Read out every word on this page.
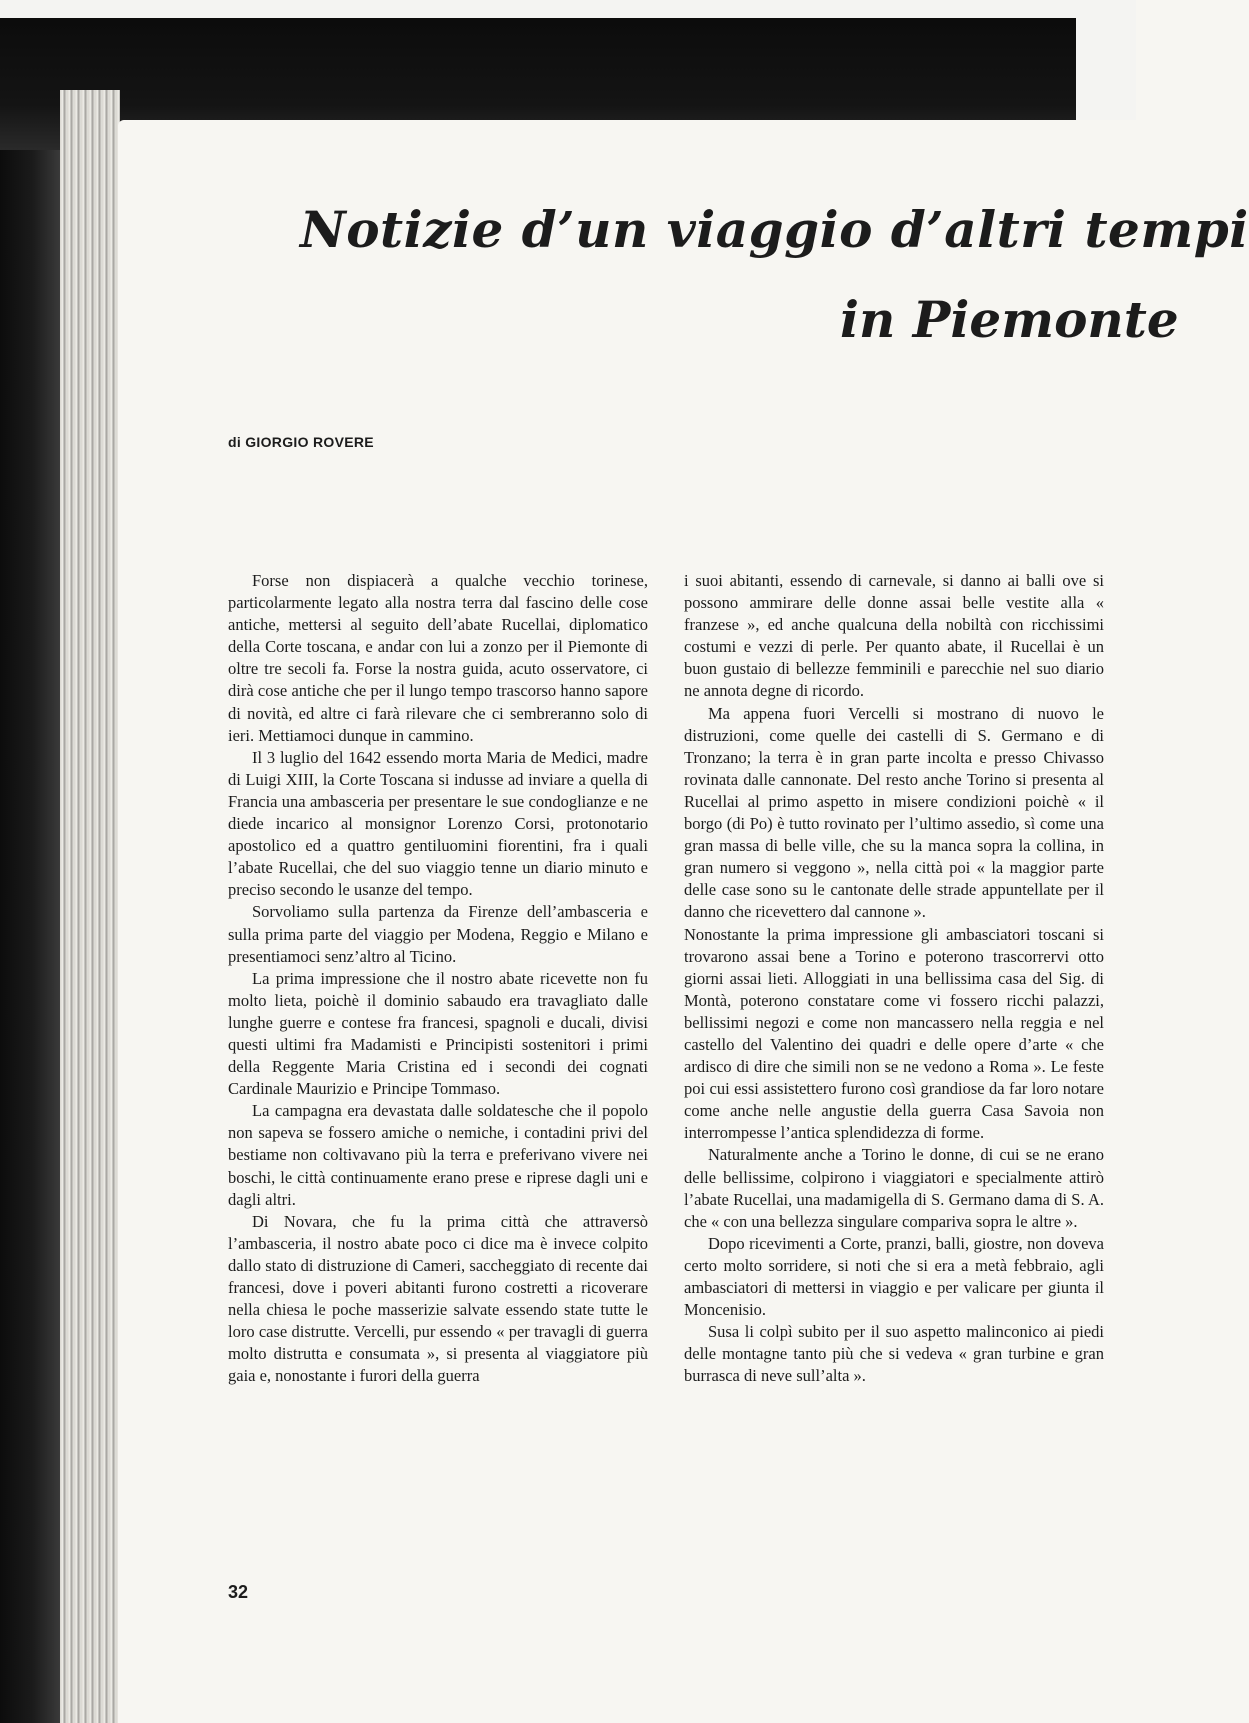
Notizie d’un viaggio d’altri tempi
in Piemonte
di GIORGIO ROVERE

Forse non dispiacerà a qualche vecchio torinese, particolarmente legato alla nostra terra dal fascino delle cose antiche, mettersi al seguito dell’abate Rucellai, diplomatico della Corte toscana, e andar con lui a zonzo per il Piemonte di oltre tre secoli fa. Forse la nostra guida, acuto osservatore, ci dirà cose antiche che per il lungo tempo trascorso hanno sapore di novità, ed altre ci farà rilevare che ci sembreranno solo di ieri. Mettiamoci dunque in cammino.

Il 3 luglio del 1642 essendo morta Maria de Medici, madre di Luigi XIII, la Corte Toscana si indusse ad inviare a quella di Francia una ambasceria per presentare le sue condoglianze e ne diede incarico al monsignor Lorenzo Corsi, protonotario apostolico ed a quattro gentiluomini fiorentini, fra i quali l’abate Rucellai, che del suo viaggio tenne un diario minuto e preciso secondo le usanze del tempo.

Sorvoliamo sulla partenza da Firenze dell’ambasceria e sulla prima parte del viaggio per Modena, Reggio e Milano e presentiamoci senz’altro al Ticino.

La prima impressione che il nostro abate ricevette non fu molto lieta, poichè il dominio sabaudo era travagliato dalle lunghe guerre e contese fra francesi, spagnoli e ducali, divisi questi ultimi fra Madamisti e Principisti sostenitori i primi della Reggente Maria Cristina ed i secondi dei cognati Cardinale Maurizio e Principe Tommaso.

La campagna era devastata dalle soldatesche che il popolo non sapeva se fossero amiche o nemiche, i contadini privi del bestiame non coltivavano più la terra e preferivano vivere nei boschi, le città continuamente erano prese e riprese dagli uni e dagli altri.

Di Novara, che fu la prima città che attraversò l’ambasceria, il nostro abate poco ci dice ma è invece colpito dallo stato di distruzione di Cameri, saccheggiato di recente dai francesi, dove i poveri abitanti furono costretti a ricoverare nella chiesa le poche masserizie salvate essendo state tutte le loro case distrutte. Vercelli, pur essendo « per travagli di guerra molto distrutta e consumata », si presenta al viaggiatore più gaia e, nonostante i furori della guerra

i suoi abitanti, essendo di carnevale, si danno ai balli ove si possono ammirare delle donne assai belle vestite alla « franzese », ed anche qualcuna della nobiltà con ricchissimi costumi e vezzi di perle. Per quanto abate, il Rucellai è un buon gustaio di bellezze femminili e parecchie nel suo diario ne annota degne di ricordo.

Ma appena fuori Vercelli si mostrano di nuovo le distruzioni, come quelle dei castelli di S. Germano e di Tronzano; la terra è in gran parte incolta e presso Chivasso rovinata dalle cannonate. Del resto anche Torino si presenta al Rucellai al primo aspetto in misere condizioni poichè « il borgo (di Po) è tutto rovinato per l’ultimo assedio, sì come una gran massa di belle ville, che su la manca sopra la collina, in gran numero si veggono », nella città poi « la maggior parte delle case sono su le cantonate delle strade appuntellate per il danno che ricevettero dal cannone ».

Nonostante la prima impressione gli ambasciatori toscani si trovarono assai bene a Torino e poterono trascorrervi otto giorni assai lieti. Alloggiati in una bellissima casa del Sig. di Montà, poterono constatare come vi fossero ricchi palazzi, bellissimi negozi e come non mancassero nella reggia e nel castello del Valentino dei quadri e delle opere d’arte « che ardisco di dire che simili non se ne vedono a Roma ». Le feste poi cui essi assistettero furono così grandiose da far loro notare come anche nelle angustie della guerra Casa Savoia non interrompesse l’antica splendidezza di forme.

Naturalmente anche a Torino le donne, di cui se ne erano delle bellissime, colpirono i viaggiatori e specialmente attirò l’abate Rucellai, una madamigella di S. Germano dama di S. A. che « con una bellezza singulare compariva sopra le altre ».

Dopo ricevimenti a Corte, pranzi, balli, giostre, non doveva certo molto sorridere, si noti che si era a metà febbraio, agli ambasciatori di mettersi in viaggio e per valicare per giunta il Moncenisio.

Susa li colpì subito per il suo aspetto malinconico ai piedi delle montagne tanto più che si vedeva « gran turbine e gran burrasca di neve sull’alta ».

32
